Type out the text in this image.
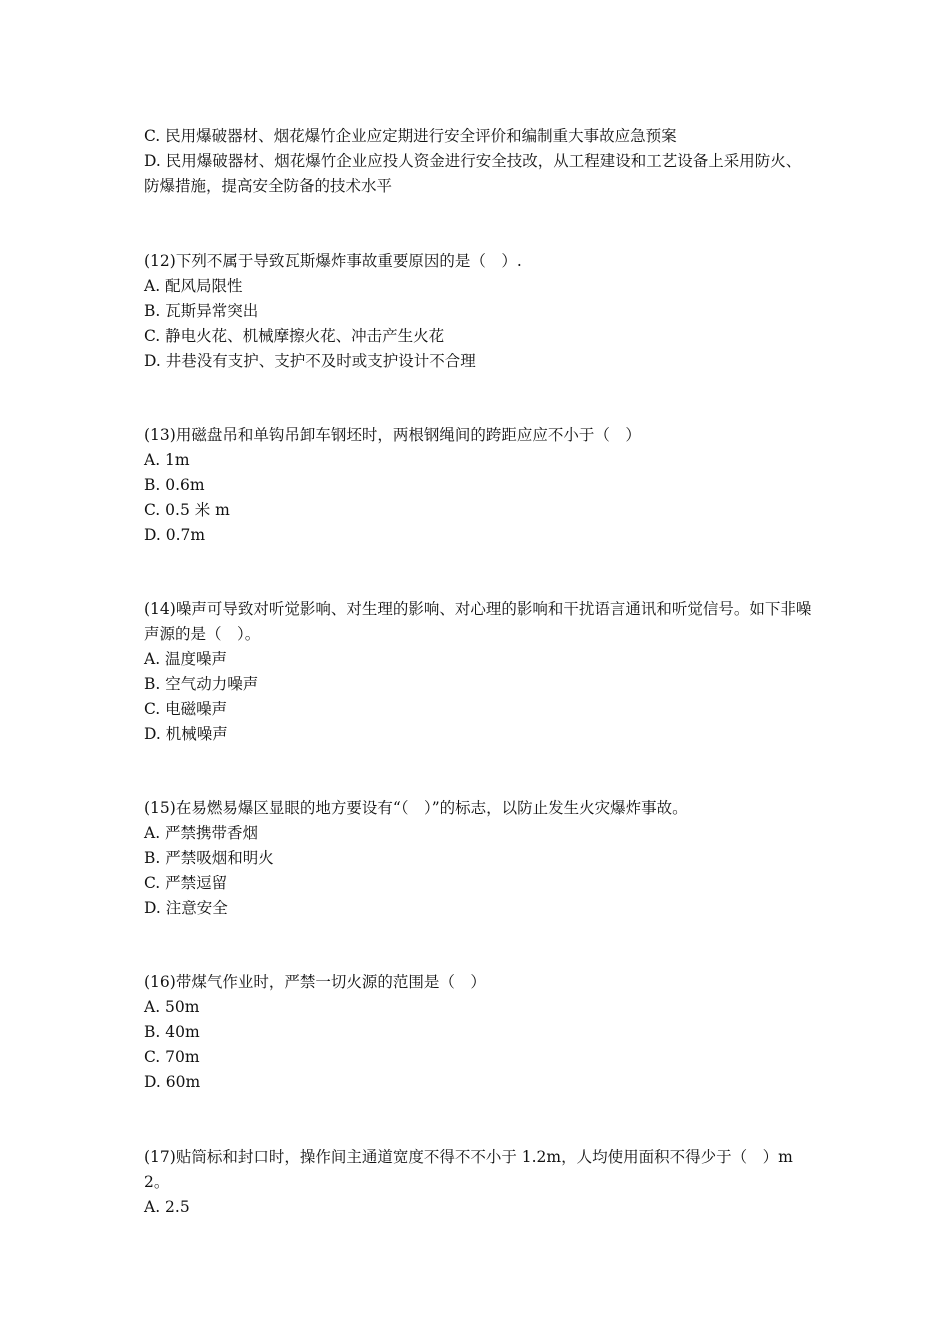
C. 民用爆破器材、烟花爆竹企业应定期进行安全评价和编制重大事故应急预案
D. 民用爆破器材、烟花爆竹企业应投人资金进行安全技改，从工程建设和工艺设备上采用防火、防爆措施，提高安全防备的技术水平
(12)下列不属于导致瓦斯爆炸事故重要原因的是（　）.
A. 配风局限性
B. 瓦斯异常突出
C. 静电火花、机械摩擦火花、冲击产生火花
D. 井巷没有支护、支护不及时或支护设计不合理
(13)用磁盘吊和单钩吊卸车钢坯时，两根钢绳间的跨距应应不小于（　）
A. 1m
B. 0.6m
C. 0.5 米 m
D. 0.7m
(14)噪声可导致对听觉影响、对生理的影响、对心理的影响和干扰语言通讯和听觉信号。如下非噪声源的是（　）。
A. 温度噪声
B. 空气动力噪声
C. 电磁噪声
D. 机械噪声
(15)在易燃易爆区显眼的地方要设有“（　）”的标志，以防止发生火灾爆炸事故。
A. 严禁携带香烟
B. 严禁吸烟和明火
C. 严禁逗留
D. 注意安全
(16)带煤气作业时，严禁一切火源的范围是（　）
A. 50m
B. 40m
C. 70m
D. 60m
(17)贴筒标和封口时，操作间主通道宽度不得不不小于 1.2m，人均使用面积不得少于（　）m2。
A. 2.5
